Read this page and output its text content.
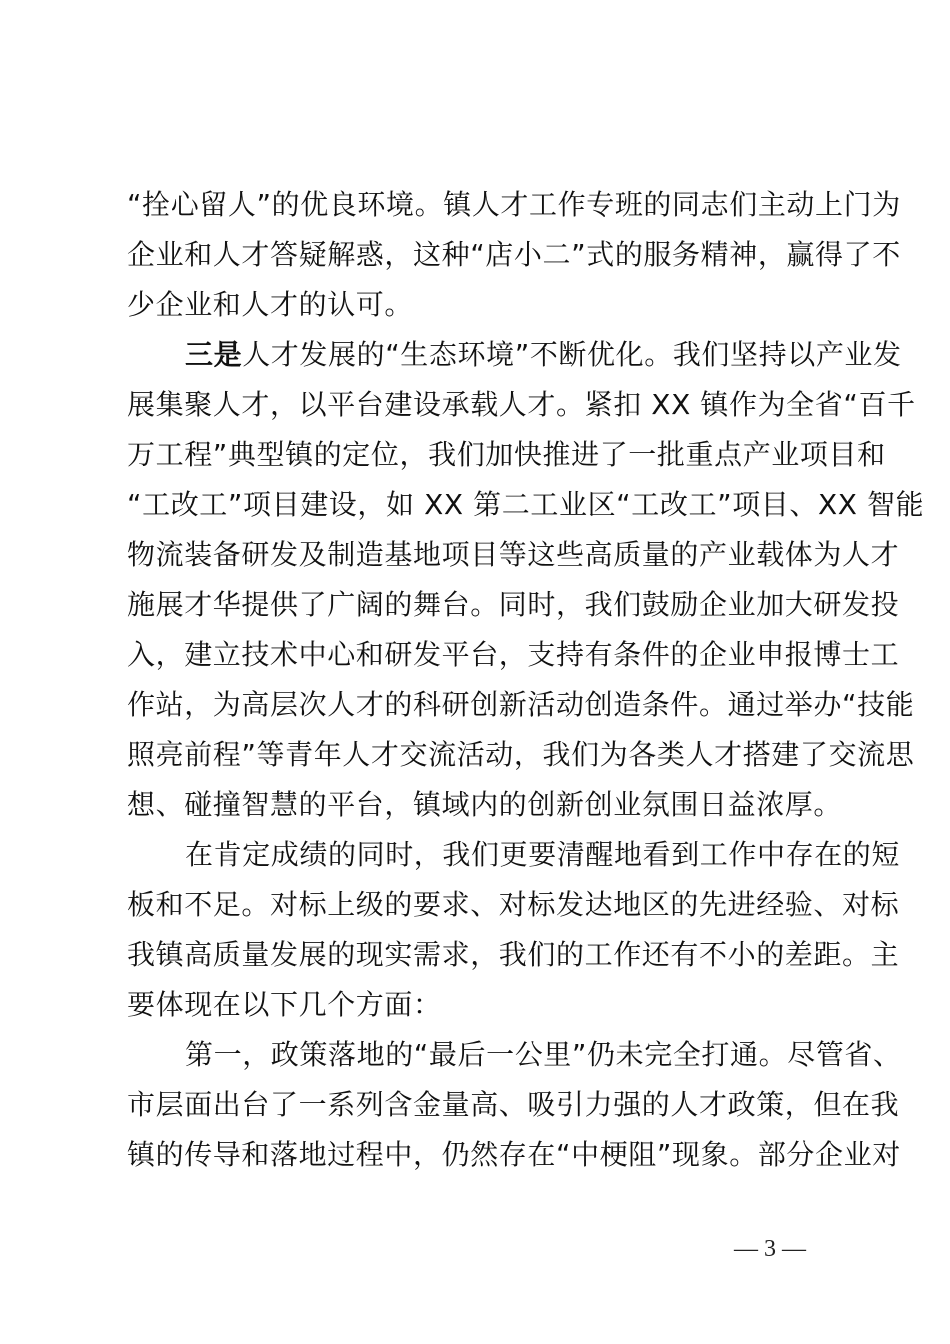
“拴心留人”的优良环境。镇人才工作专班的同志们主动上门为
企业和人才答疑解惑，这种“店小二”式的服务精神，赢得了不
少企业和人才的认可。
三是人才发展的“生态环境”不断优化。我们坚持以产业发
展集聚人才，以平台建设承载人才。紧扣 XX 镇作为全省“百千
万工程”典型镇的定位，我们加快推进了一批重点产业项目和
“工改工”项目建设，如 XX 第二工业区“工改工”项目、XX 智能
物流装备研发及制造基地项目等这些高质量的产业载体为人才
施展才华提供了广阔的舞台。同时，我们鼓励企业加大研发投
入，建立技术中心和研发平台，支持有条件的企业申报博士工
作站，为高层次人才的科研创新活动创造条件。通过举办“技能
照亮前程”等青年人才交流活动，我们为各类人才搭建了交流思
想、碰撞智慧的平台，镇域内的创新创业氛围日益浓厚。
在肯定成绩的同时，我们更要清醒地看到工作中存在的短
板和不足。对标上级的要求、对标发达地区的先进经验、对标
我镇高质量发展的现实需求，我们的工作还有不小的差距。主
要体现在以下几个方面：
第一，政策落地的“最后一公里”仍未完全打通。尽管省、
市层面出台了一系列含金量高、吸引力强的人才政策，但在我
镇的传导和落地过程中，仍然存在“中梗阻”现象。部分企业对
— 3 —
